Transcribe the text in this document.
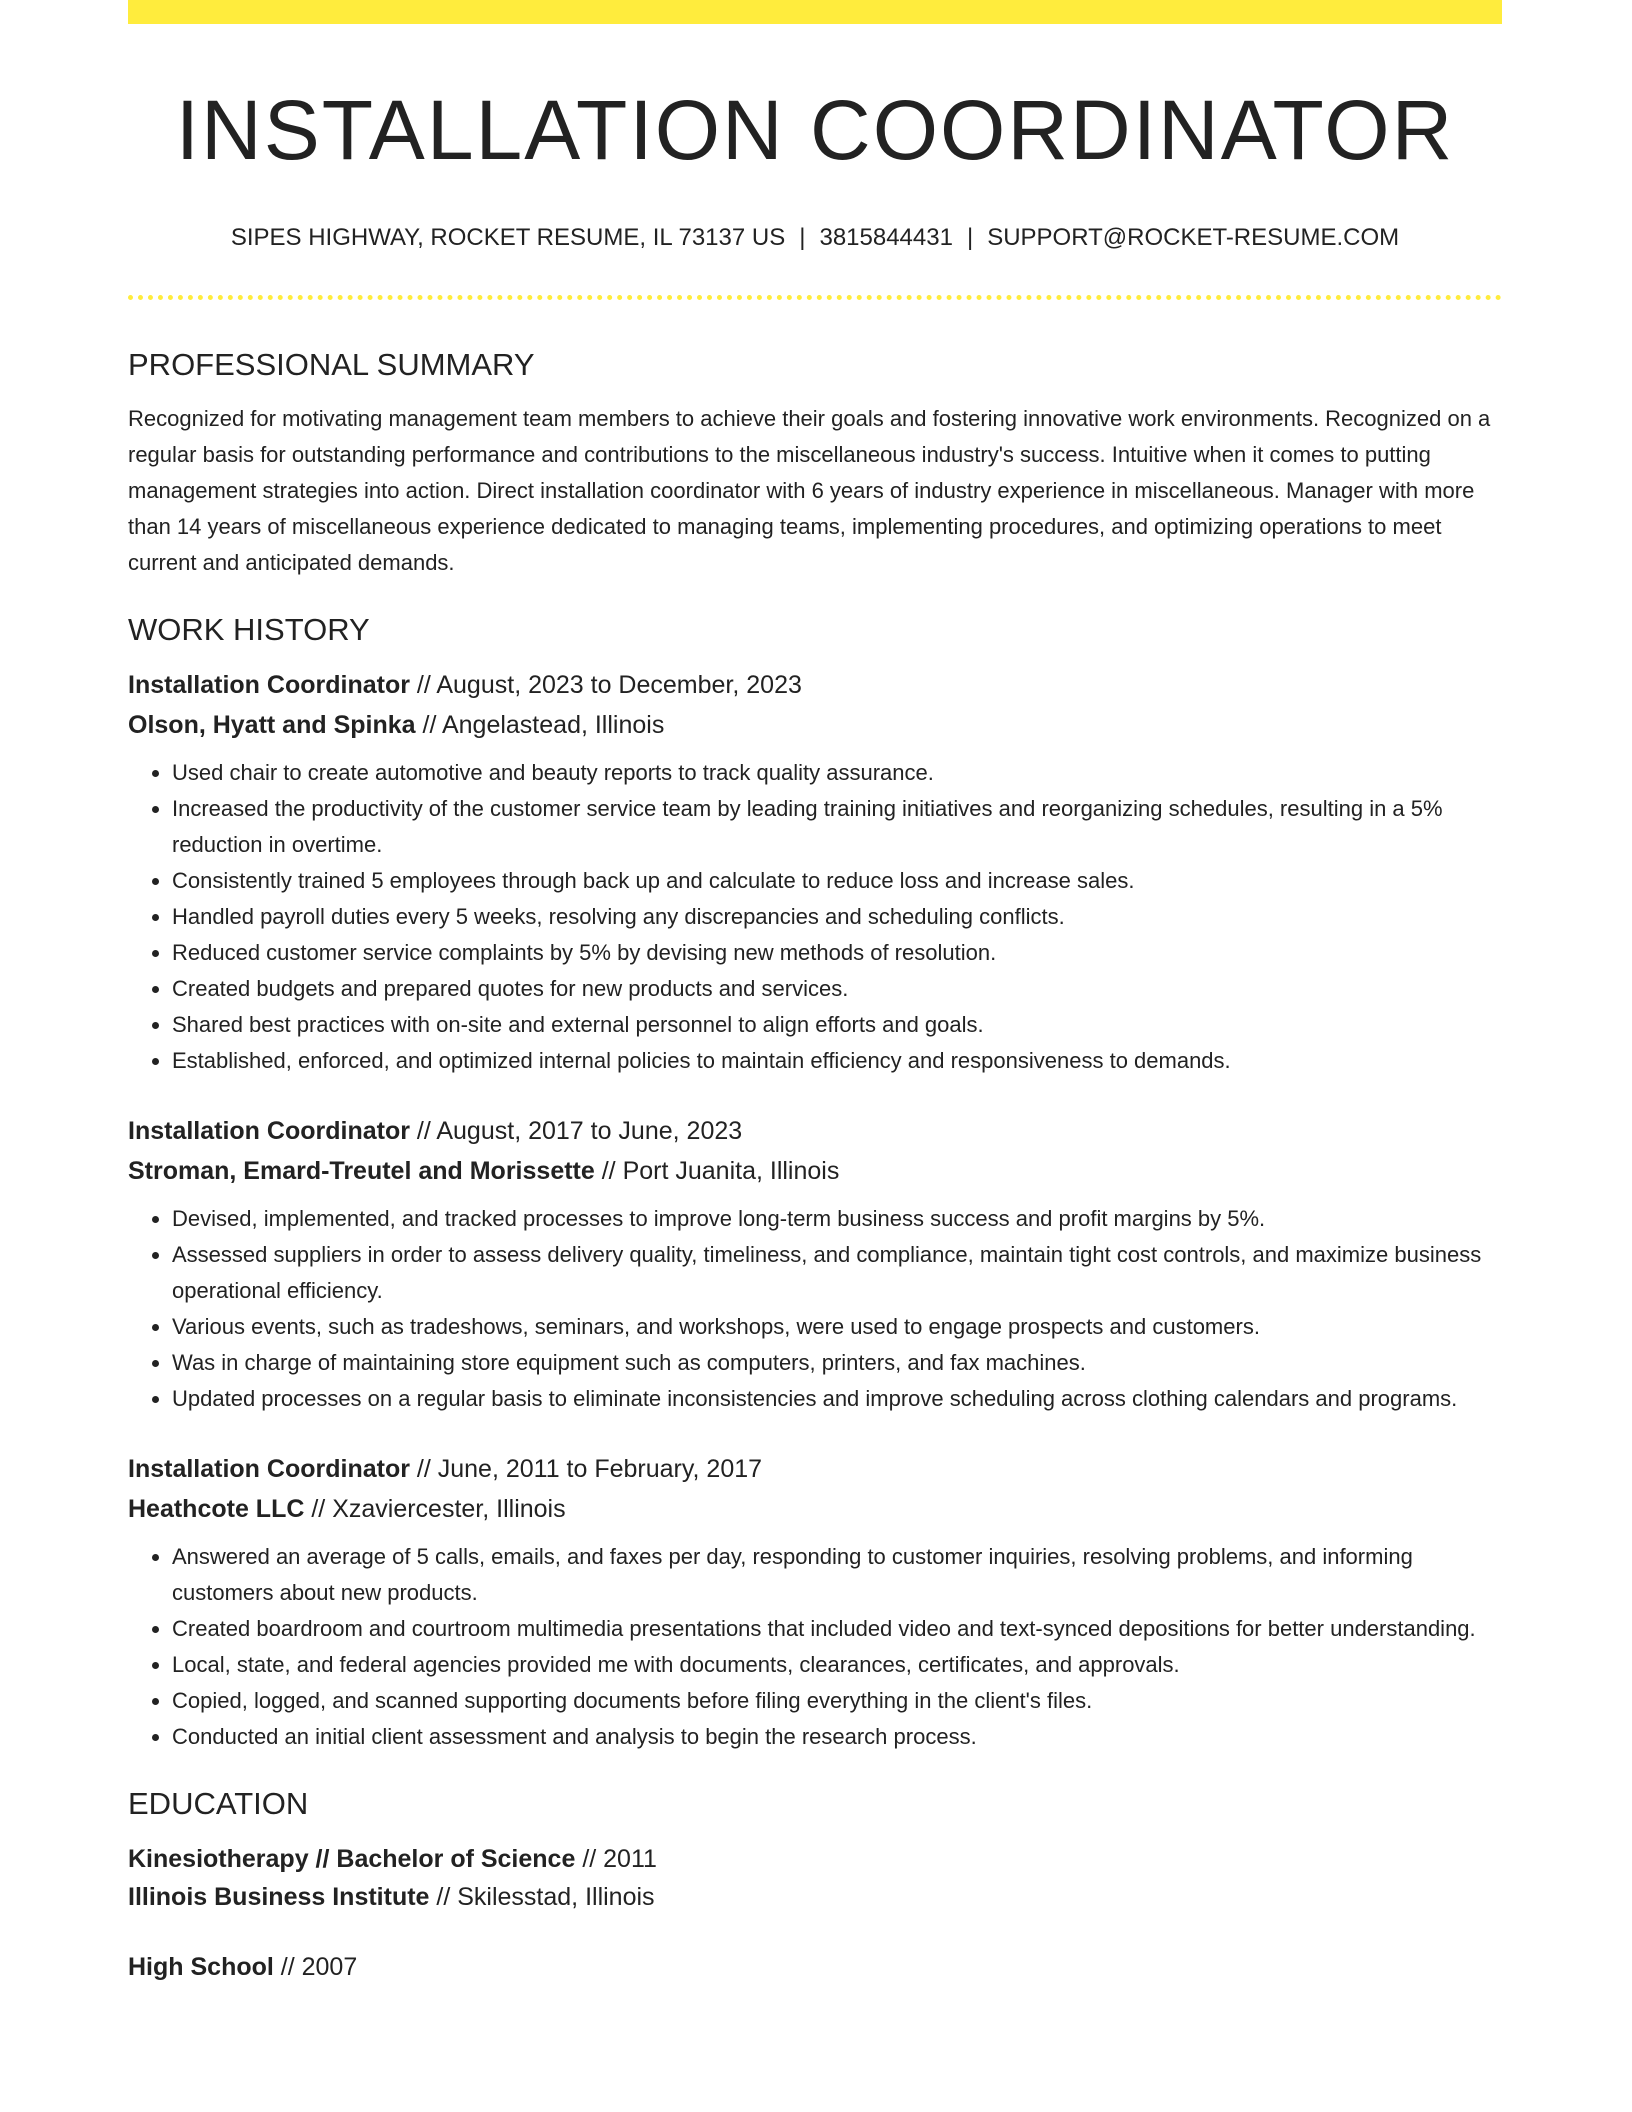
INSTALLATION COORDINATOR
SIPES HIGHWAY, ROCKET RESUME, IL 73137 US | 3815844431 | SUPPORT@ROCKET-RESUME.COM
PROFESSIONAL SUMMARY

Recognized for motivating management team members to achieve their goals and fostering innovative work environments. Recognized on a regular basis for outstanding performance and contributions to the miscellaneous industry's success. Intuitive when it comes to putting management strategies into action. Direct installation coordinator with 6 years of industry experience in miscellaneous. Manager with more than 14 years of miscellaneous experience dedicated to managing teams, implementing procedures, and optimizing operations to meet current and anticipated demands.

WORK HISTORY
Installation Coordinator // August, 2023 to December, 2023
Olson, Hyatt and Spinka // Angelastead, Illinois
• Used chair to create automotive and beauty reports to track quality assurance.
• Increased the productivity of the customer service team by leading training initiatives and reorganizing schedules, resulting in a 5% reduction in overtime.
• Consistently trained 5 employees through back up and calculate to reduce loss and increase sales.
• Handled payroll duties every 5 weeks, resolving any discrepancies and scheduling conflicts.
• Reduced customer service complaints by 5% by devising new methods of resolution.
• Created budgets and prepared quotes for new products and services.
• Shared best practices with on-site and external personnel to align efforts and goals.
• Established, enforced, and optimized internal policies to maintain efficiency and responsiveness to demands.
Installation Coordinator // August, 2017 to June, 2023
Stroman, Emard-Treutel and Morissette // Port Juanita, Illinois
• Devised, implemented, and tracked processes to improve long-term business success and profit margins by 5%.
• Assessed suppliers in order to assess delivery quality, timeliness, and compliance, maintain tight cost controls, and maximize business operational efficiency.
• Various events, such as tradeshows, seminars, and workshops, were used to engage prospects and customers.
• Was in charge of maintaining store equipment such as computers, printers, and fax machines.
• Updated processes on a regular basis to eliminate inconsistencies and improve scheduling across clothing calendars and programs.
Installation Coordinator // June, 2011 to February, 2017
Heathcote LLC // Xzaviercester, Illinois
• Answered an average of 5 calls, emails, and faxes per day, responding to customer inquiries, resolving problems, and informing customers about new products.
• Created boardroom and courtroom multimedia presentations that included video and text-synced depositions for better understanding.
• Local, state, and federal agencies provided me with documents, clearances, certificates, and approvals.
• Copied, logged, and scanned supporting documents before filing everything in the client's files.
• Conducted an initial client assessment and analysis to begin the research process.
EDUCATION
Kinesiotherapy // Bachelor of Science // 2011
Illinois Business Institute // Skilesstad, Illinois
High School // 2007
